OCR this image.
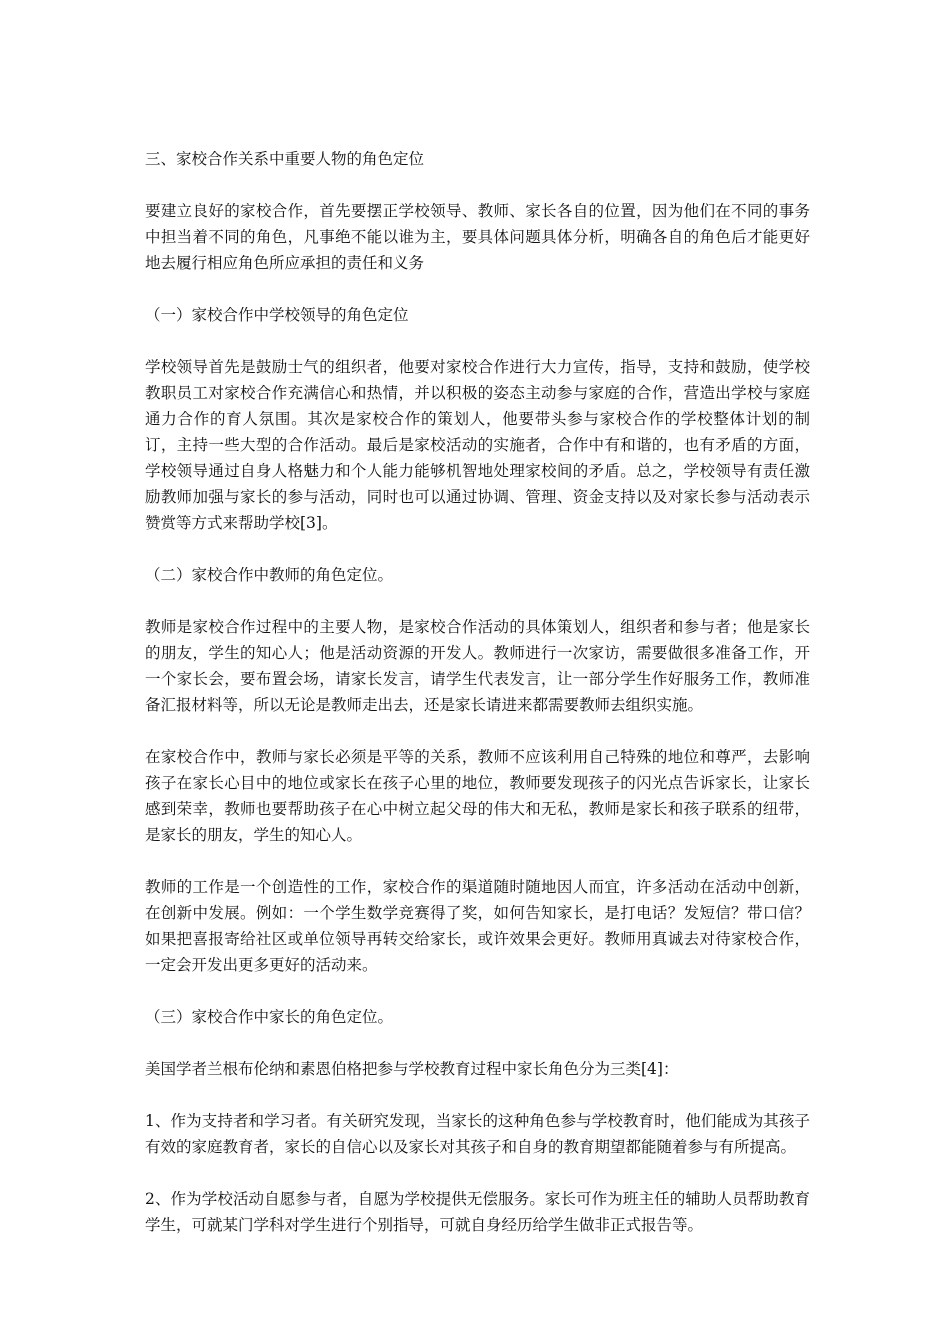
三、家校合作关系中重要人物的角色定位

要建立良好的家校合作，首先要摆正学校领导、教师、家长各自的位置，因为他们在不同的事务中担当着不同的角色，凡事绝不能以谁为主，要具体问题具体分析，明确各自的角色后才能更好地去履行相应角色所应承担的责任和义务

（一）家校合作中学校领导的角色定位

学校领导首先是鼓励士气的组织者，他要对家校合作进行大力宣传，指导，支持和鼓励，使学校教职员工对家校合作充满信心和热情，并以积极的姿态主动参与家庭的合作，营造出学校与家庭通力合作的育人氛围。其次是家校合作的策划人，他要带头参与家校合作的学校整体计划的制订，主持一些大型的合作活动。最后是家校活动的实施者，合作中有和谐的，也有矛盾的方面，学校领导通过自身人格魅力和个人能力能够机智地处理家校间的矛盾。总之，学校领导有责任激励教师加强与家长的参与活动，同时也可以通过协调、管理、资金支持以及对家长参与活动表示赞赏等方式来帮助学校[3]。

（二）家校合作中教师的角色定位。

教师是家校合作过程中的主要人物，是家校合作活动的具体策划人，组织者和参与者；他是家长的朋友，学生的知心人；他是活动资源的开发人。教师进行一次家访，需要做很多准备工作，开一个家长会，要布置会场，请家长发言，请学生代表发言，让一部分学生作好服务工作，教师准备汇报材料等，所以无论是教师走出去，还是家长请进来都需要教师去组织实施。

在家校合作中，教师与家长必须是平等的关系，教师不应该利用自己特殊的地位和尊严，去影响孩子在家长心目中的地位或家长在孩子心里的地位，教师要发现孩子的闪光点告诉家长，让家长感到荣幸，教师也要帮助孩子在心中树立起父母的伟大和无私，教师是家长和孩子联系的纽带，是家长的朋友，学生的知心人。

教师的工作是一个创造性的工作，家校合作的渠道随时随地因人而宜，许多活动在活动中创新，在创新中发展。例如：一个学生数学竞赛得了奖，如何告知家长，是打电话？发短信？带口信？如果把喜报寄给社区或单位领导再转交给家长，或许效果会更好。教师用真诚去对待家校合作，一定会开发出更多更好的活动来。

（三）家校合作中家长的角色定位。

美国学者兰根布伦纳和素恩伯格把参与学校教育过程中家长角色分为三类[4]：

1、作为支持者和学习者。有关研究发现，当家长的这种角色参与学校教育时，他们能成为其孩子有效的家庭教育者，家长的自信心以及家长对其孩子和自身的教育期望都能随着参与有所提高。

2、作为学校活动自愿参与者，自愿为学校提供无偿服务。家长可作为班主任的辅助人员帮助教育学生，可就某门学科对学生进行个别指导，可就自身经历给学生做非正式报告等。
